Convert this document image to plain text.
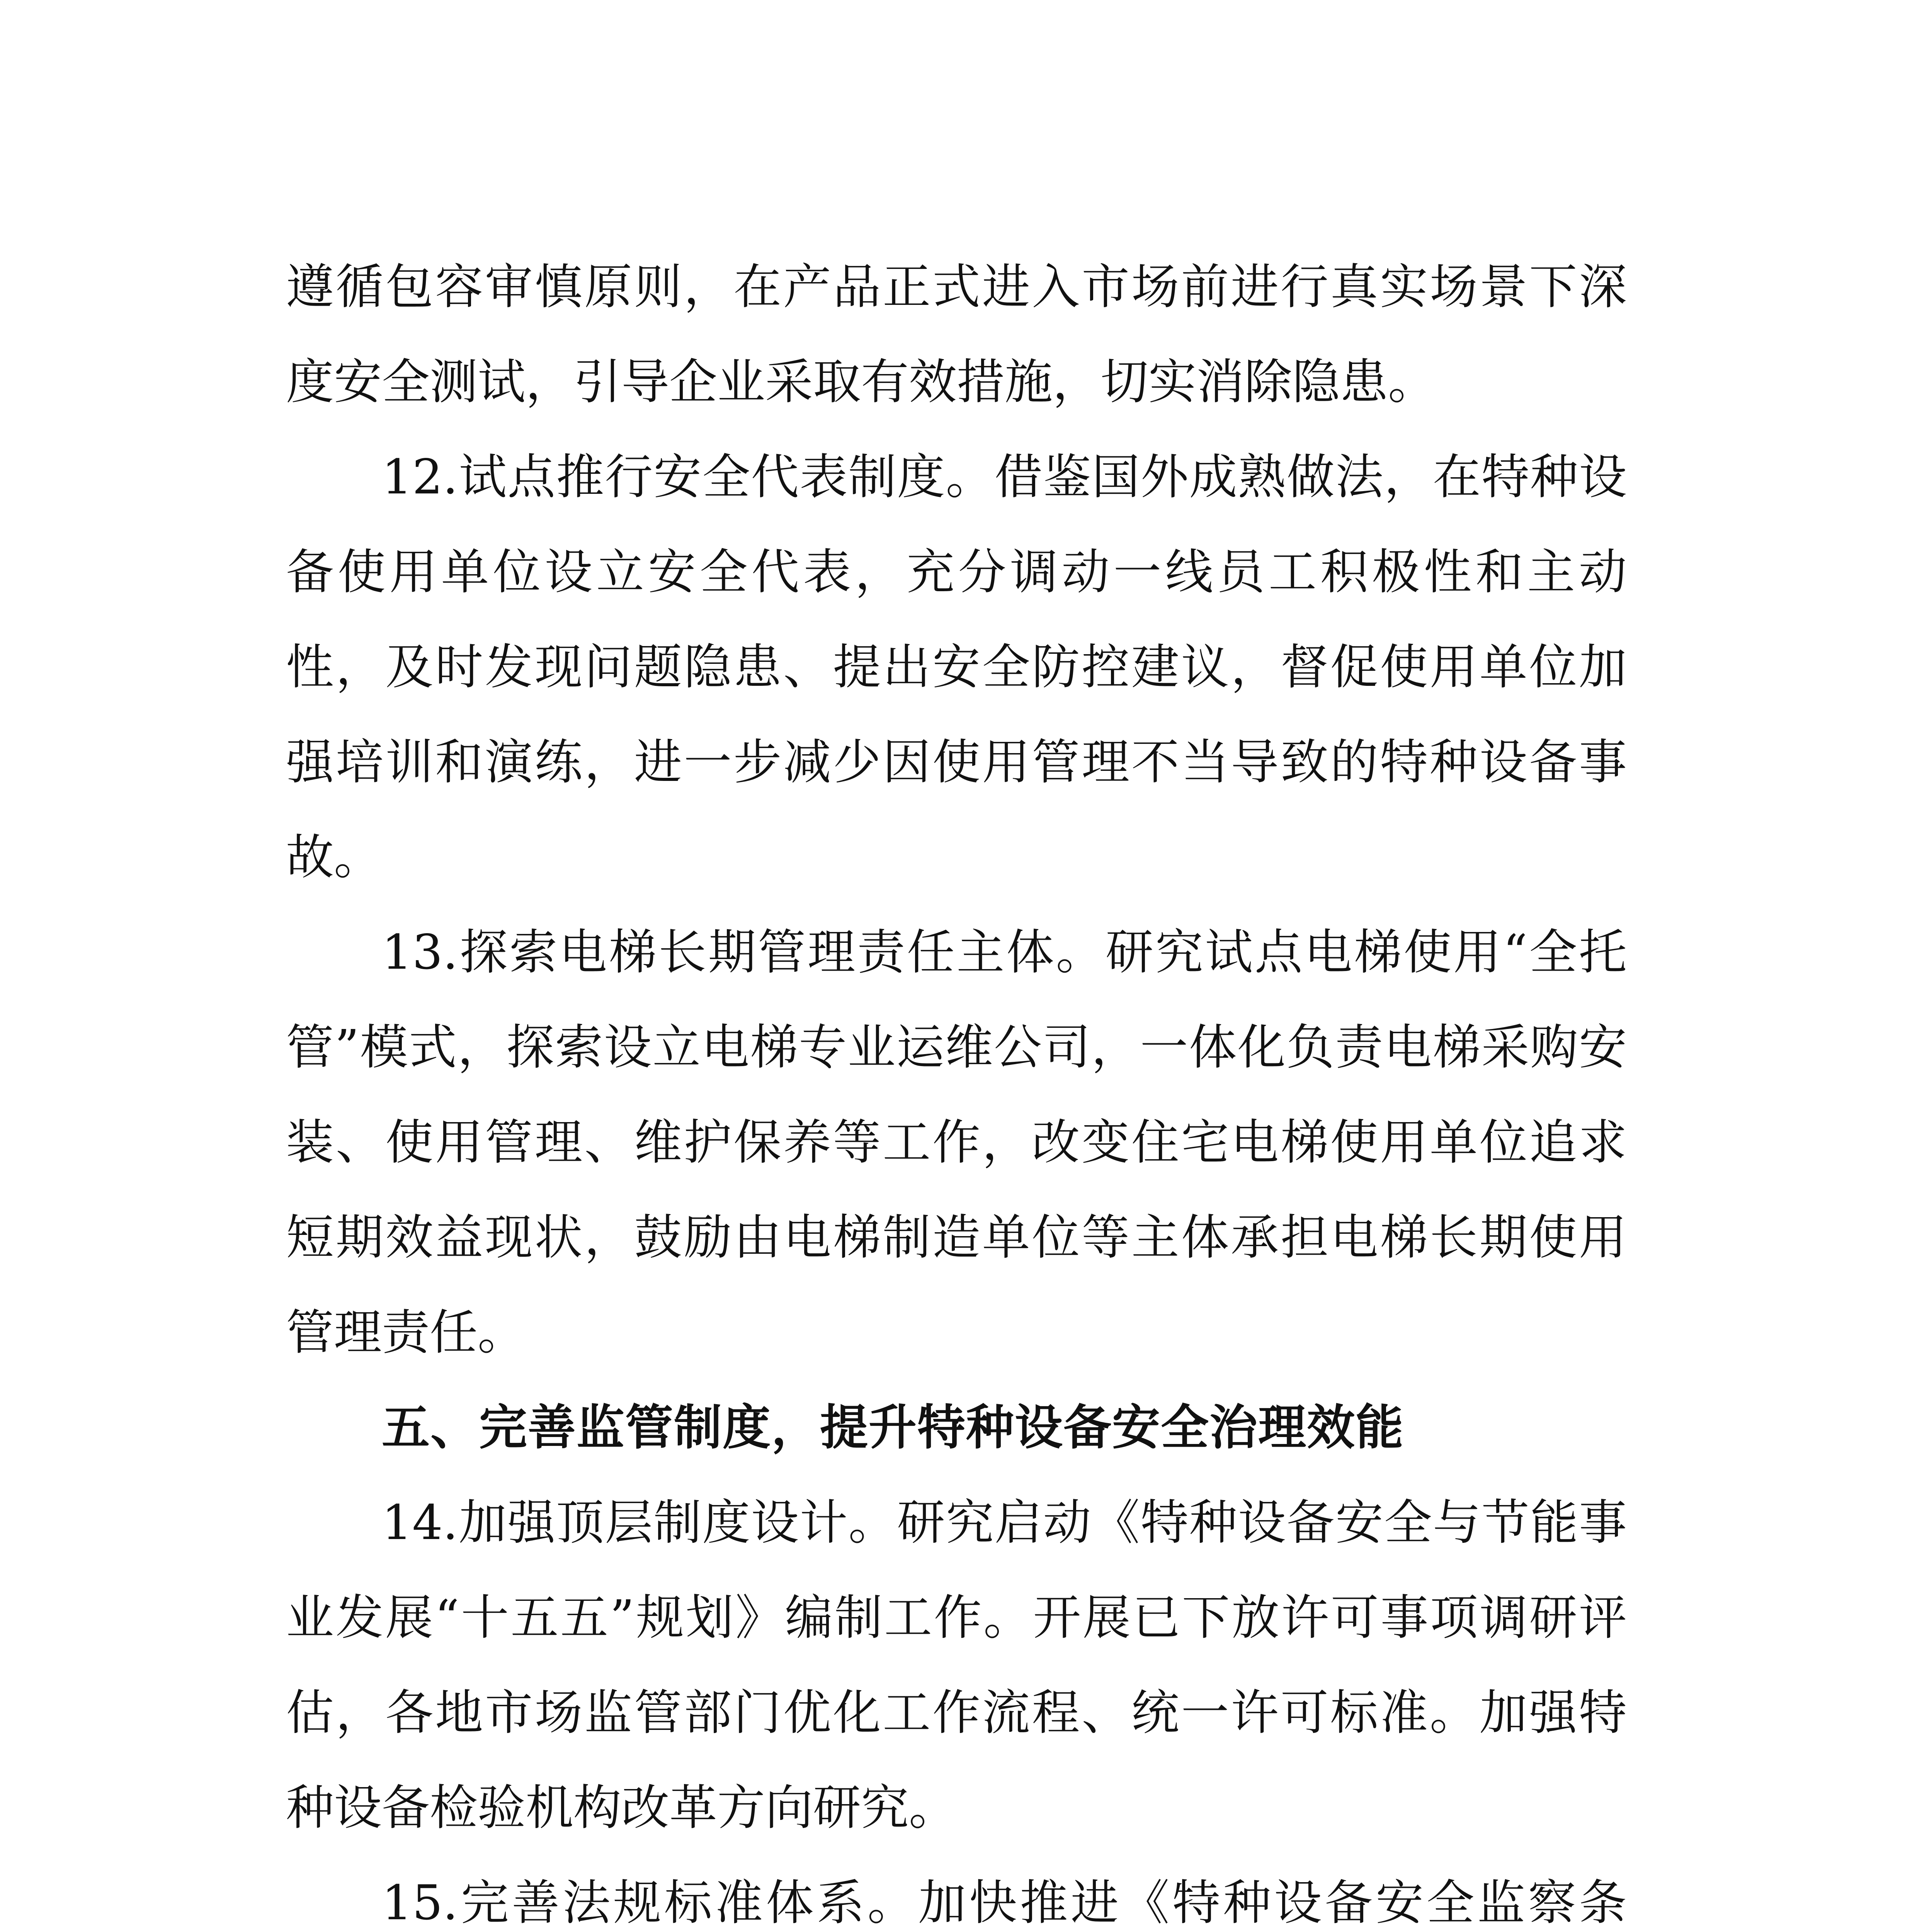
遵循包容审慎原则，在产品正式进入市场前进行真实场景下深度安全测试，引导企业采取有效措施，切实消除隐患。

12.试点推行安全代表制度。借鉴国外成熟做法，在特种设备使用单位设立安全代表，充分调动一线员工积极性和主动性，及时发现问题隐患、提出安全防控建议，督促使用单位加强培训和演练，进一步减少因使用管理不当导致的特种设备事故。

13.探索电梯长期管理责任主体。研究试点电梯使用“全托管”模式，探索设立电梯专业运维公司，一体化负责电梯采购安装、使用管理、维护保养等工作，改变住宅电梯使用单位追求短期效益现状，鼓励由电梯制造单位等主体承担电梯长期使用管理责任。

五、完善监管制度，提升特种设备安全治理效能

14.加强顶层制度设计。研究启动《特种设备安全与节能事业发展“十五五”规划》编制工作。开展已下放许可事项调研评估，各地市场监管部门优化工作流程、统一许可标准。加强特种设备检验机构改革方向研究。

15.完善法规标准体系。加快推进《特种设备安全监察条
